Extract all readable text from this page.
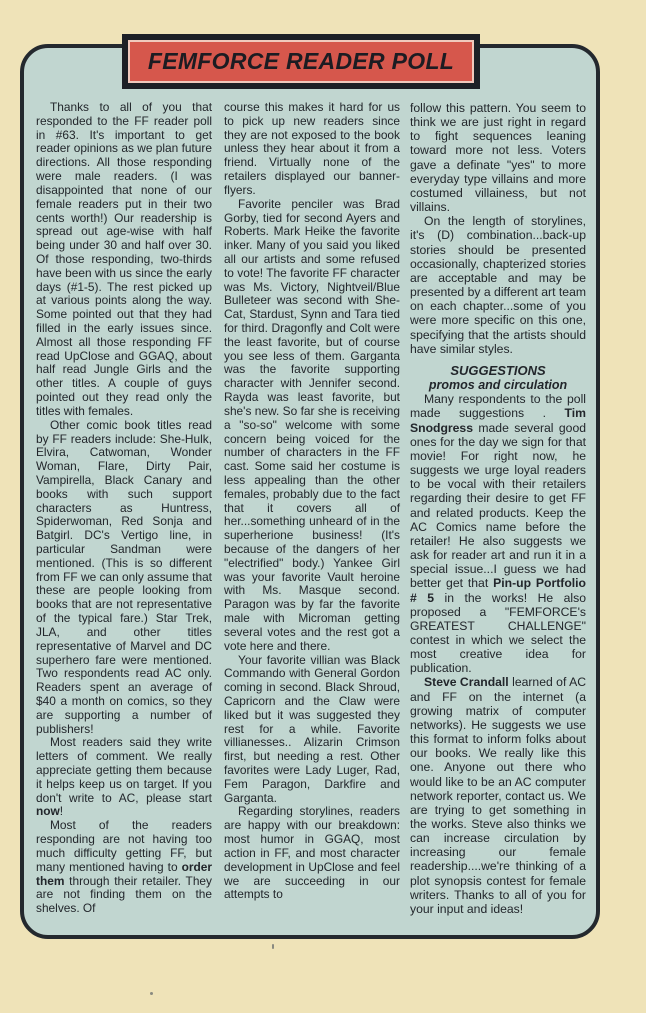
FEMFORCE READER POLL

Thanks to all of you that responded to the FF reader poll in #63. It's important to get reader opinions as we plan future directions. All those responding were male readers. (I was disappointed that none of our female readers put in their two cents worth!) Our readership is spread out age-wise with half being under 30 and half over 30. Of those responding, two-thirds have been with us since the early days (#1-5). The rest picked up at various points along the way. Some pointed out that they had filled in the early issues since. Almost all those responding FF read UpClose and GGAQ, about half read Jungle Girls and the other titles. A couple of guys pointed out they read only the titles with females.

Other comic book titles read by FF readers include: She-Hulk, Elvira, Catwoman, Wonder Woman, Flare, Dirty Pair, Vampirella, Black Canary and books with such support characters as Huntress, Spiderwoman, Red Sonja and Batgirl. DC's Vertigo line, in particular Sandman were mentioned. (This is so different from FF we can only assume that these are people looking from books that are not representative of the typical fare.) Star Trek, JLA, and other titles representative of Marvel and DC superhero fare were mentioned. Two respondents read AC only. Readers spent an average of $40 a month on comics, so they are supporting a number of publishers!

Most readers said they write letters of comment. We really appreciate getting them because it helps keep us on target. If you don't write to AC, please start now!

Most of the readers responding are not having too much difficulty getting FF, but many mentioned having to order them through their retailer. They are not finding them on the shelves. Of

course this makes it hard for us to pick up new readers since they are not exposed to the book unless they hear about it from a friend. Virtually none of the retailers displayed our banner-flyers.

Favorite penciler was Brad Gorby, tied for second Ayers and Roberts. Mark Heike the favorite inker. Many of you said you liked all our artists and some refused to vote! The favorite FF character was Ms. Victory, Nightveil/Blue Bulleteer was second with She-Cat, Stardust, Synn and Tara tied for third. Dragonfly and Colt were the least favorite, but of course you see less of them. Garganta was the favorite supporting character with Jennifer second. Rayda was least favorite, but she's new. So far she is receiving a "so-so" welcome with some concern being voiced for the number of characters in the FF cast. Some said her costume is less appealing than the other females, probably due to the fact that it covers all of her...something unheard of in the superherione business! (It's because of the dangers of her "electrified" body.) Yankee Girl was your favorite Vault heroine with Ms. Masque second. Paragon was by far the favorite male with Microman getting several votes and the rest got a vote here and there.

Your favorite villian was Black Commando with General Gordon coming in second. Black Shroud, Capricorn and the Claw were liked but it was suggested they rest for a while. Favorite villianesses.. Alizarin Crimson first, but needing a rest. Other favorites were Lady Luger, Rad, Fem Paragon, Darkfire and Garganta.

Regarding storylines, readers are happy with our breakdown: most humor in GGAQ, most action in FF, and most character development in UpClose and feel we are succeeding in our attempts to

follow this pattern. You seem to think we are just right in regard to fight sequences leaning toward more not less. Voters gave a definate "yes" to more everyday type villains and more costumed villainess, but not villains.

On the length of storylines, it's (D) combination...back-up stories should be presented occasionally, chapterized stories are acceptable and may be presented by a different art team on each chapter...some of you were more specific on this one, specifying that the artists should have similar styles.

SUGGESTIONS
promos and circulation

Many respondents to the poll made suggestions . Tim Snodgress made several good ones for the day we sign for that movie! For right now, he suggests we urge loyal readers to be vocal with their retailers regarding their desire to get FF and related products. Keep the AC Comics name before the retailer! He also suggests we ask for reader art and run it in a special issue...I guess we had better get that Pin-up Portfolio # 5 in the works! He also proposed a "FEMFORCE's GREATEST CHALLENGE" contest in which we select the most creative idea for publication.

Steve Crandall learned of AC and FF on the internet (a growing matrix of computer networks). He suggests we use this format to inform folks about our books. We really like this one. Anyone out there who would like to be an AC computer network reporter, contact us. We are trying to get something in the works. Steve also thinks we can increase circulation by increasing our female readership....we're thinking of a plot synopsis contest for female writers. Thanks to all of you for your input and ideas!
